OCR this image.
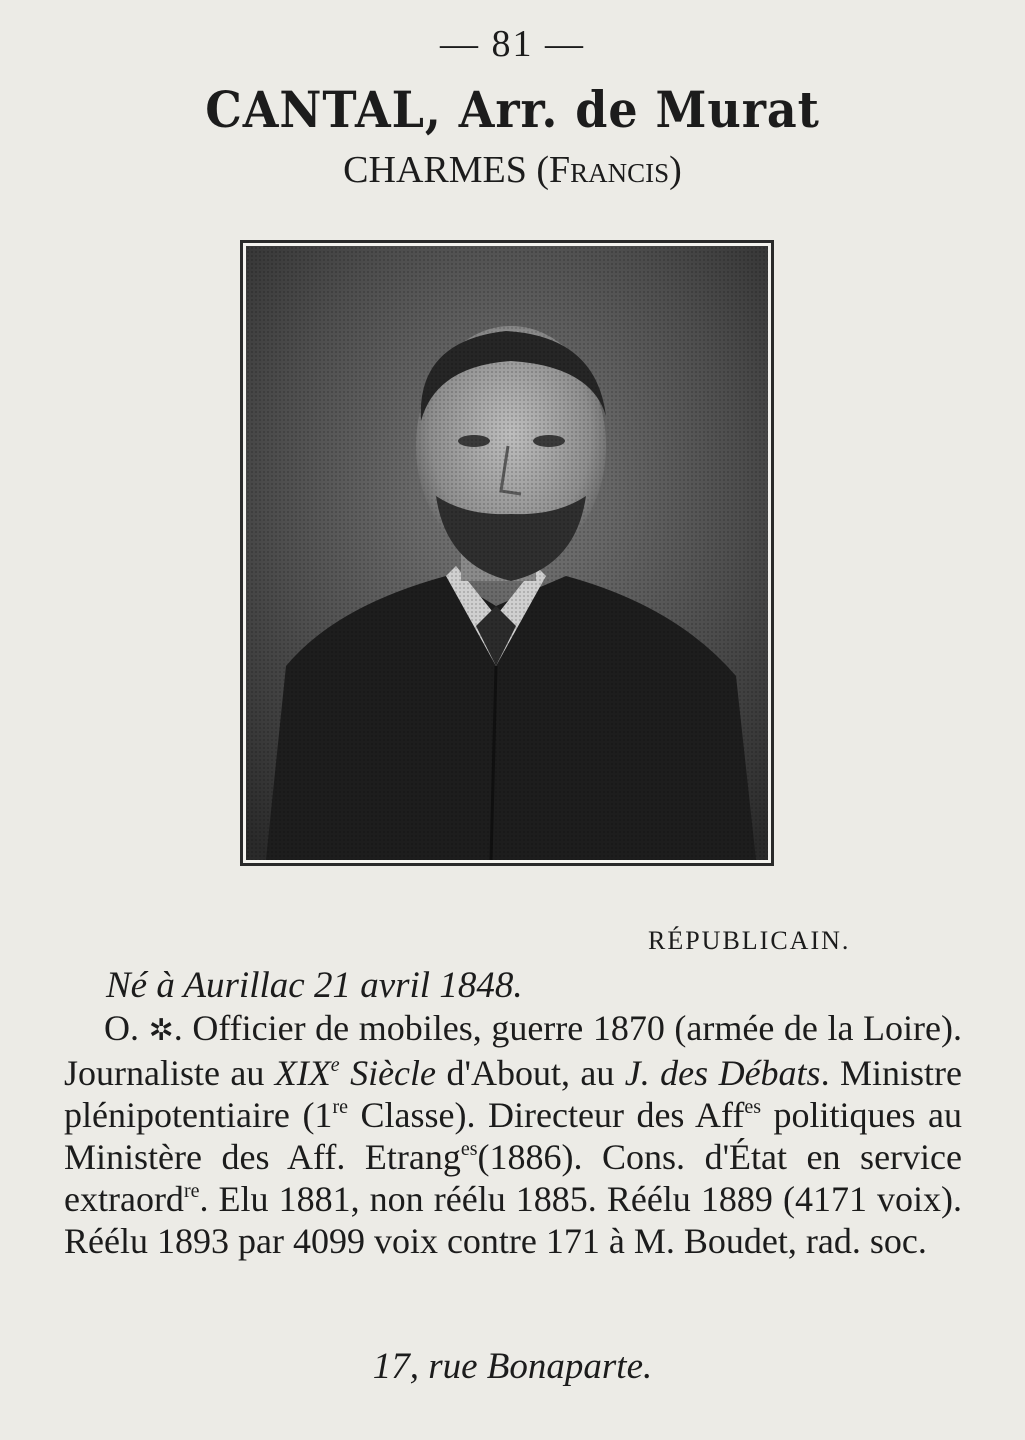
— 81 —
CANTAL, Arr. de Murat
CHARMES (Francis)
RÉPUBLICAIN.

Né à Aurillac 21 avril 1848.

O. ✲. Officier de mobiles, guerre 1870 (armée de la Loire). Journaliste au XIXe Siècle d'About, au J. des Débats. Ministre plénipotentiaire (1re Classe). Directeur des Aff$^{es}$ politiques au Ministère des Aff. Etrang$^{es}$(1886). Cons. d'État en service extraord$^{re}$. Elu 1881, non réélu 1885. Réélu 1889 (4171 voix). Réélu 1893 par 4099 voix contre 171 à M. Boudet, rad. soc.

17, rue Bonaparte.
